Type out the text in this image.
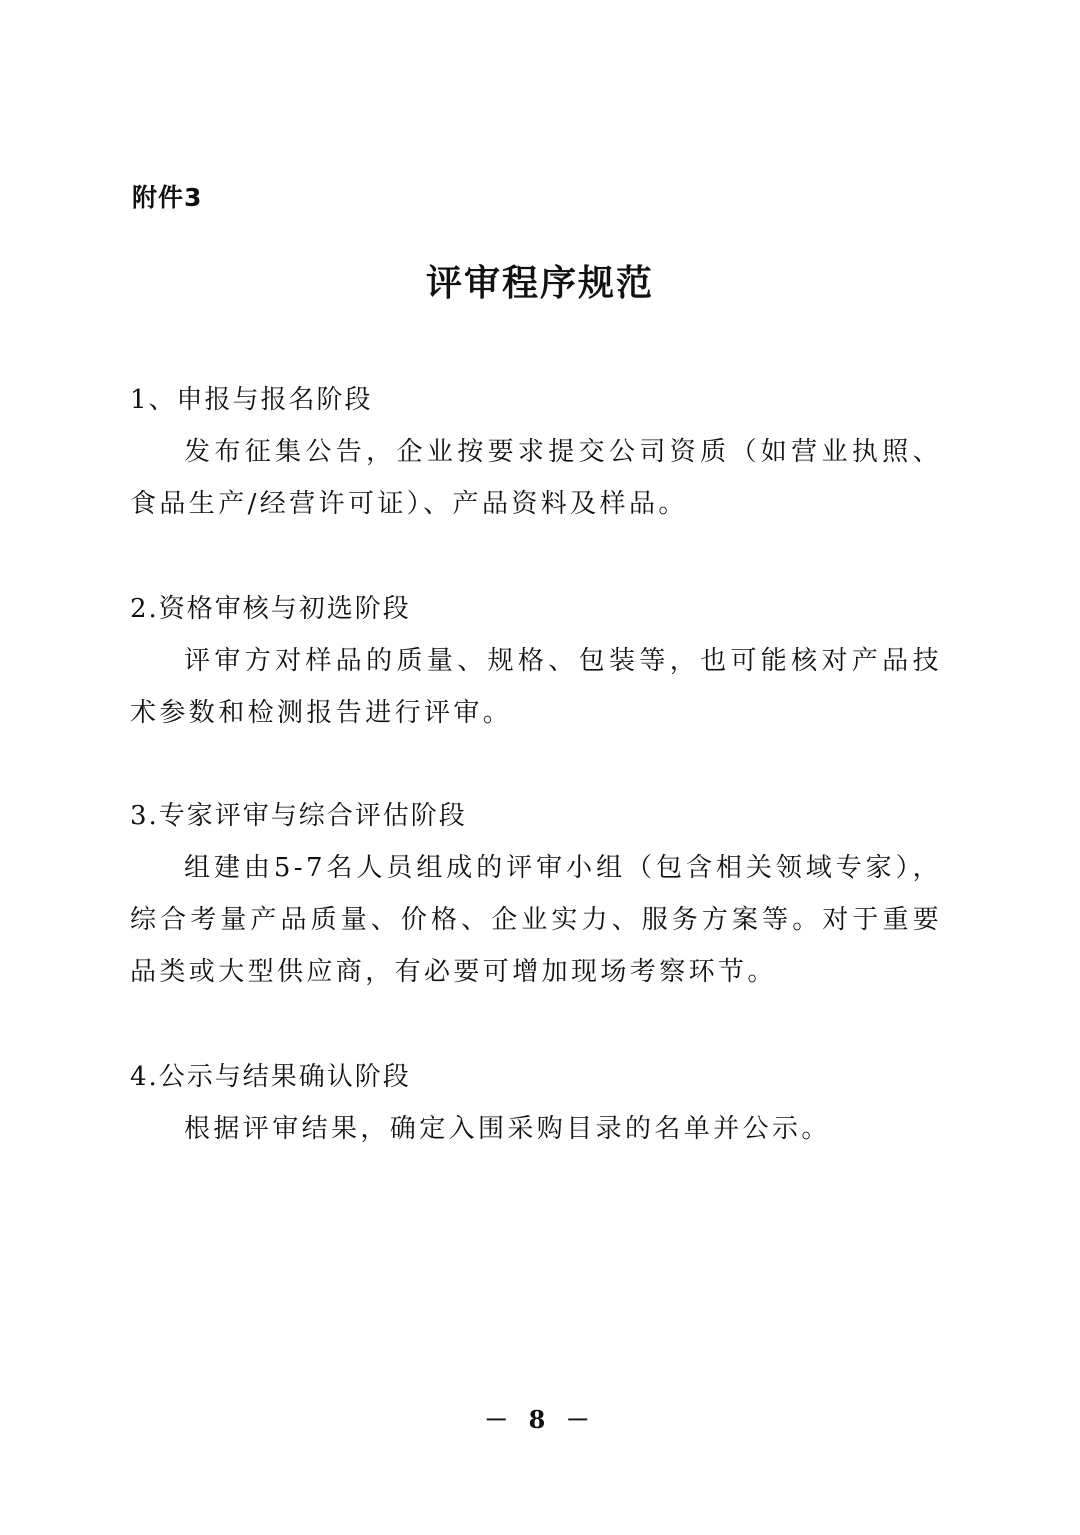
附件3
评审程序规范
1、申报与报名阶段
发布征集公告，企业按要求提交公司资质（如营业执照、食品生产/经营许可证）、产品资料及样品。
2.资格审核与初选阶段
评审方对样品的质量、规格、包装等，也可能核对产品技术参数和检测报告进行评审。
3.专家评审与综合评估阶段
组建由5-7名人员组成的评审小组（包含相关领域专家），综合考量产品质量、价格、企业实力、服务方案等。对于重要品类或大型供应商，有必要可增加现场考察环节。
4.公示与结果确认阶段
根据评审结果，确定入围采购目录的名单并公示。
－ 8 －
